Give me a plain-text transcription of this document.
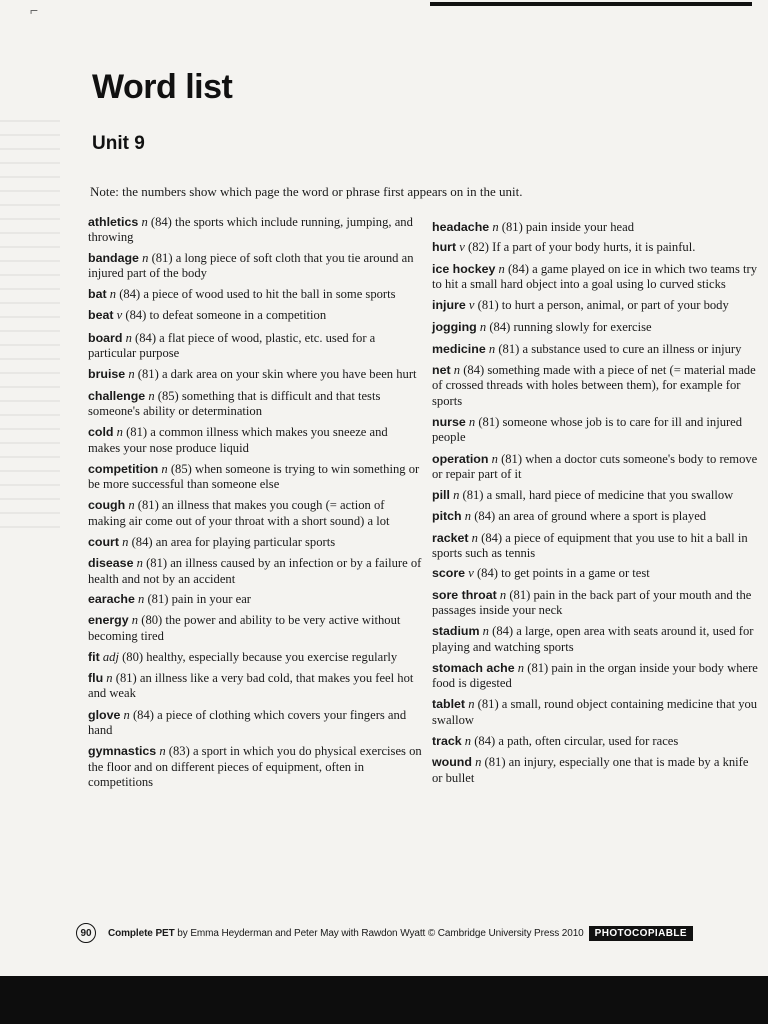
⌐
Word list
Unit 9
Note: the numbers show which page the word or phrase first appears on in the unit.
athletics n (84) the sports which include running, jumping, and throwing
bandage n (81) a long piece of soft cloth that you tie around an injured part of the body
bat n (84) a piece of wood used to hit the ball in some sports
beat v (84) to defeat someone in a competition
board n (84) a flat piece of wood, plastic, etc. used for a particular purpose
bruise n (81) a dark area on your skin where you have been hurt
challenge n (85) something that is difficult and that tests someone's ability or determination
cold n (81) a common illness which makes you sneeze and makes your nose produce liquid
competition n (85) when someone is trying to win something or be more successful than someone else
cough n (81) an illness that makes you cough (= action of making air come out of your throat with a short sound) a lot
court n (84) an area for playing particular sports
disease n (81) an illness caused by an infection or by a failure of health and not by an accident
earache n (81) pain in your ear
energy n (80) the power and ability to be very active without becoming tired
fit adj (80) healthy, especially because you exercise regularly
flu n (81) an illness like a very bad cold, that makes you feel hot and weak
glove n (84) a piece of clothing which covers your fingers and hand
gymnastics n (83) a sport in which you do physical exercises on the floor and on different pieces of equipment, often in competitions
headache n (81) pain inside your head
hurt v (82) If a part of your body hurts, it is painful.
ice hockey n (84) a game played on ice in which two teams try to hit a small hard object into a goal using lo curved sticks
injure v (81) to hurt a person, animal, or part of your body
jogging n (84) running slowly for exercise
medicine n (81) a substance used to cure an illness or injury
net n (84) something made with a piece of net (= material made of crossed threads with holes between them), for example for sports
nurse n (81) someone whose job is to care for ill and injured people
operation n (81) when a doctor cuts someone's body to remove or repair part of it
pill n (81) a small, hard piece of medicine that you swallow
pitch n (84) an area of ground where a sport is played
racket n (84) a piece of equipment that you use to hit a ball in sports such as tennis
score v (84) to get points in a game or test
sore throat n (81) pain in the back part of your mouth and the passages inside your neck
stadium n (84) a large, open area with seats around it, used for playing and watching sports
stomach ache n (81) pain in the organ inside your body where food is digested
tablet n (81) a small, round object containing medicine that you swallow
track n (84) a path, often circular, used for races
wound n (81) an injury, especially one that is made by a knife or bullet
90	Complete PET by Emma Heyderman and Peter May with Rawdon Wyatt © Cambridge University Press 2010	PHOTOCOPIABLE
